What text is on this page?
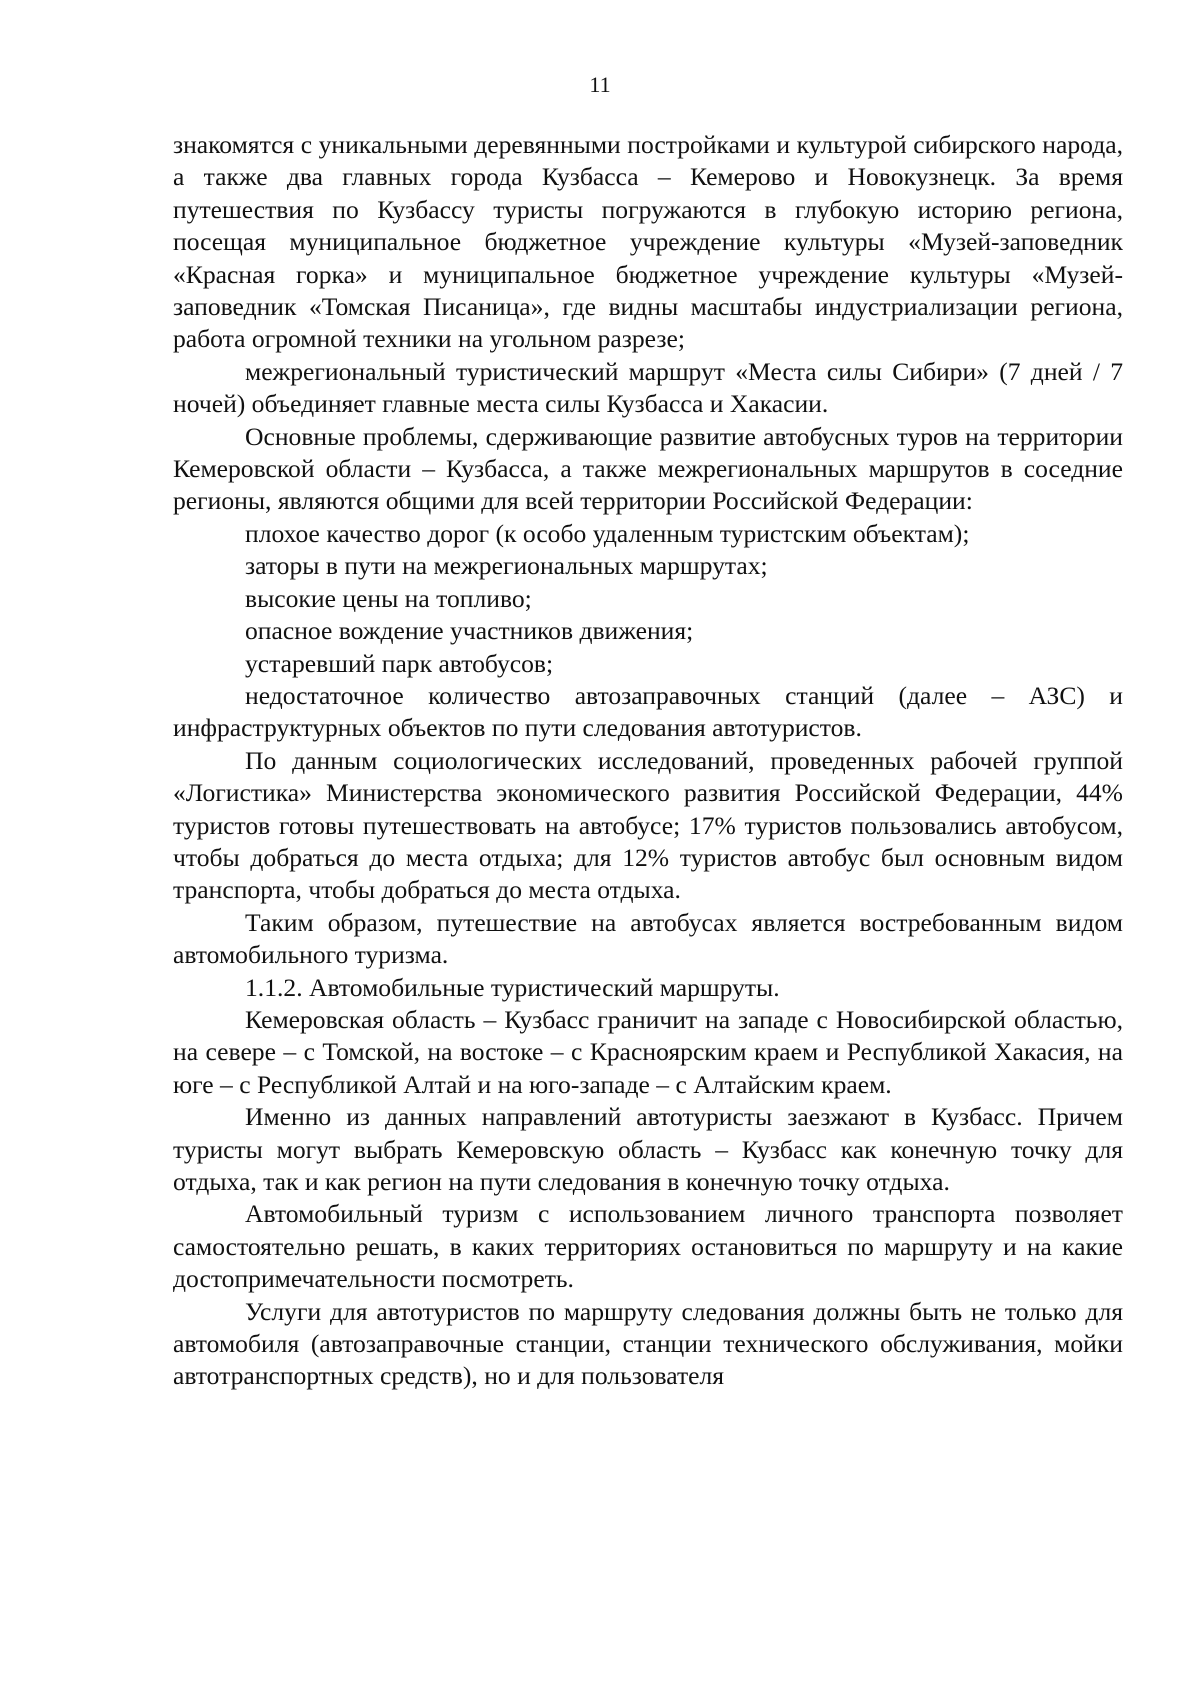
11

знакомятся с уникальными деревянными постройками и культурой сибирского народа, а также два главных города Кузбасса – Кемерово и Новокузнецк. За время путешествия по Кузбассу туристы погружаются в глубокую историю региона, посещая муниципальное бюджетное учреждение культуры «Музей-заповедник «Красная горка» и муниципальное бюджетное учреждение культуры «Музей-заповедник «Томская Писаница», где видны масштабы индустриализации региона, работа огромной техники на угольном разрезе;

межрегиональный туристический маршрут «Места силы Сибири» (7 дней / 7 ночей) объединяет главные места силы Кузбасса и Хакасии.

Основные проблемы, сдерживающие развитие автобусных туров на территории Кемеровской области – Кузбасса, а также межрегиональных маршрутов в соседние регионы, являются общими для всей территории Российской Федерации:

плохое качество дорог (к особо удаленным туристским объектам);

заторы в пути на межрегиональных маршрутах;

высокие цены на топливо;

опасное вождение участников движения;

устаревший парк автобусов;

недостаточное количество автозаправочных станций (далее – АЗС) и инфраструктурных объектов по пути следования автотуристов.

По данным социологических исследований, проведенных рабочей группой «Логистика» Министерства экономического развития Российской Федерации, 44% туристов готовы путешествовать на автобусе; 17% туристов пользовались автобусом, чтобы добраться до места отдыха; для 12% туристов автобус был основным видом транспорта, чтобы добраться до места отдыха.

Таким образом, путешествие на автобусах является востребованным видом автомобильного туризма.

1.1.2. Автомобильные туристический маршруты.

Кемеровская область – Кузбасс граничит на западе с Новосибирской областью, на севере – с Томской, на востоке – с Красноярским краем и Республикой Хакасия, на юге – с Республикой Алтай и на юго-западе – с Алтайским краем.

Именно из данных направлений автотуристы заезжают в Кузбасс. Причем туристы могут выбрать Кемеровскую область – Кузбасс как конечную точку для отдыха, так и как регион на пути следования в конечную точку отдыха.

Автомобильный туризм с использованием личного транспорта позволяет самостоятельно решать, в каких территориях остановиться по маршруту и на какие достопримечательности посмотреть.

Услуги для автотуристов по маршруту следования должны быть не только для автомобиля (автозаправочные станции, станции технического обслуживания, мойки автотранспортных средств), но и для пользователя
